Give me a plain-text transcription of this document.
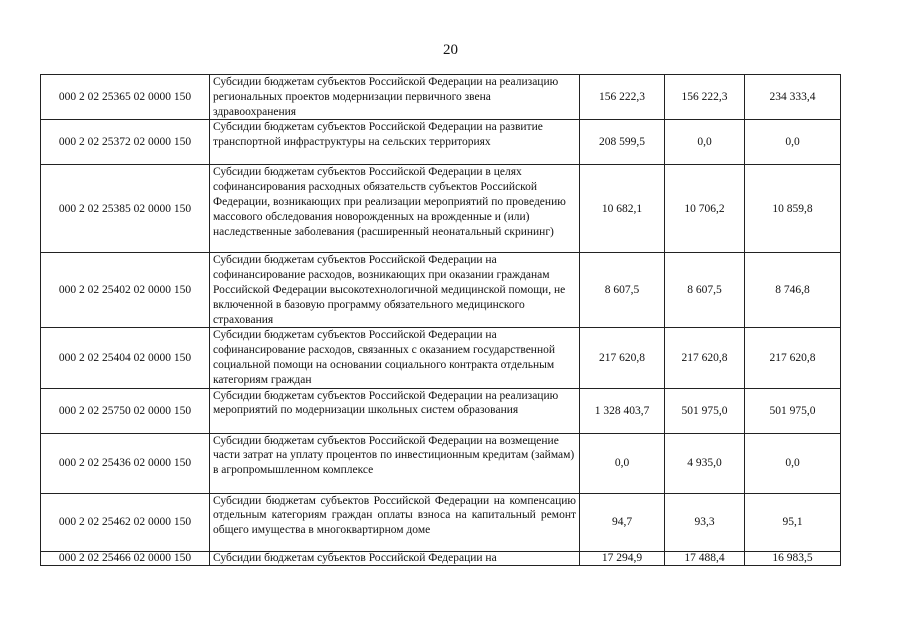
20
000 2 02 25365 02 0000 150	Субсидии бюджетам субъектов Российской Федерации на реализацию региональных проектов модернизации первичного звена здравоохранения	156 222,3	156 222,3	234 333,4
000 2 02 25372 02 0000 150	Субсидии бюджетам субъектов Российской Федерации на развитие транспортной инфраструктуры на сельских территориях	208 599,5	0,0	0,0
000 2 02 25385 02 0000 150	Субсидии бюджетам субъектов Российской Федерации в целях софинансирования расходных обязательств субъектов Российской Федерации, возникающих при реализации мероприятий по проведению массового обследования новорожденных на врожденные и (или) наследственные заболевания (расширенный неонатальный скрининг)	10 682,1	10 706,2	10 859,8
000 2 02 25402 02 0000 150	Субсидии бюджетам субъектов Российской Федерации на софинансирование расходов, возникающих при оказании гражданам Российской Федерации высокотехнологичной медицинской помощи, не включенной в базовую программу обязательного медицинского страхования	8 607,5	8 607,5	8 746,8
000 2 02 25404 02 0000 150	Субсидии бюджетам субъектов Российской Федерации на софинансирование расходов, связанных с оказанием государственной социальной помощи на основании социального контракта отдельным категориям граждан	217 620,8	217 620,8	217 620,8
000 2 02 25750 02 0000 150	Субсидии бюджетам субъектов Российской Федерации на реализацию мероприятий по модернизации школьных систем образования	1 328 403,7	501 975,0	501 975,0
000 2 02 25436 02 0000 150	Субсидии бюджетам субъектов Российской Федерации на возмещение части затрат на уплату процентов по инвестиционным кредитам (займам) в агропромышленном комплексе	0,0	4 935,0	0,0
000 2 02 25462 02 0000 150	Субсидии бюджетам субъектов Российской Федерации на компенсацию отдельным категориям граждан оплаты взноса на капитальный ремонт общего имущества в многоквартирном доме	94,7	93,3	95,1
000 2 02 25466 02 0000 150	Субсидии бюджетам субъектов Российской Федерации на	17 294,9	17 488,4	16 983,5
